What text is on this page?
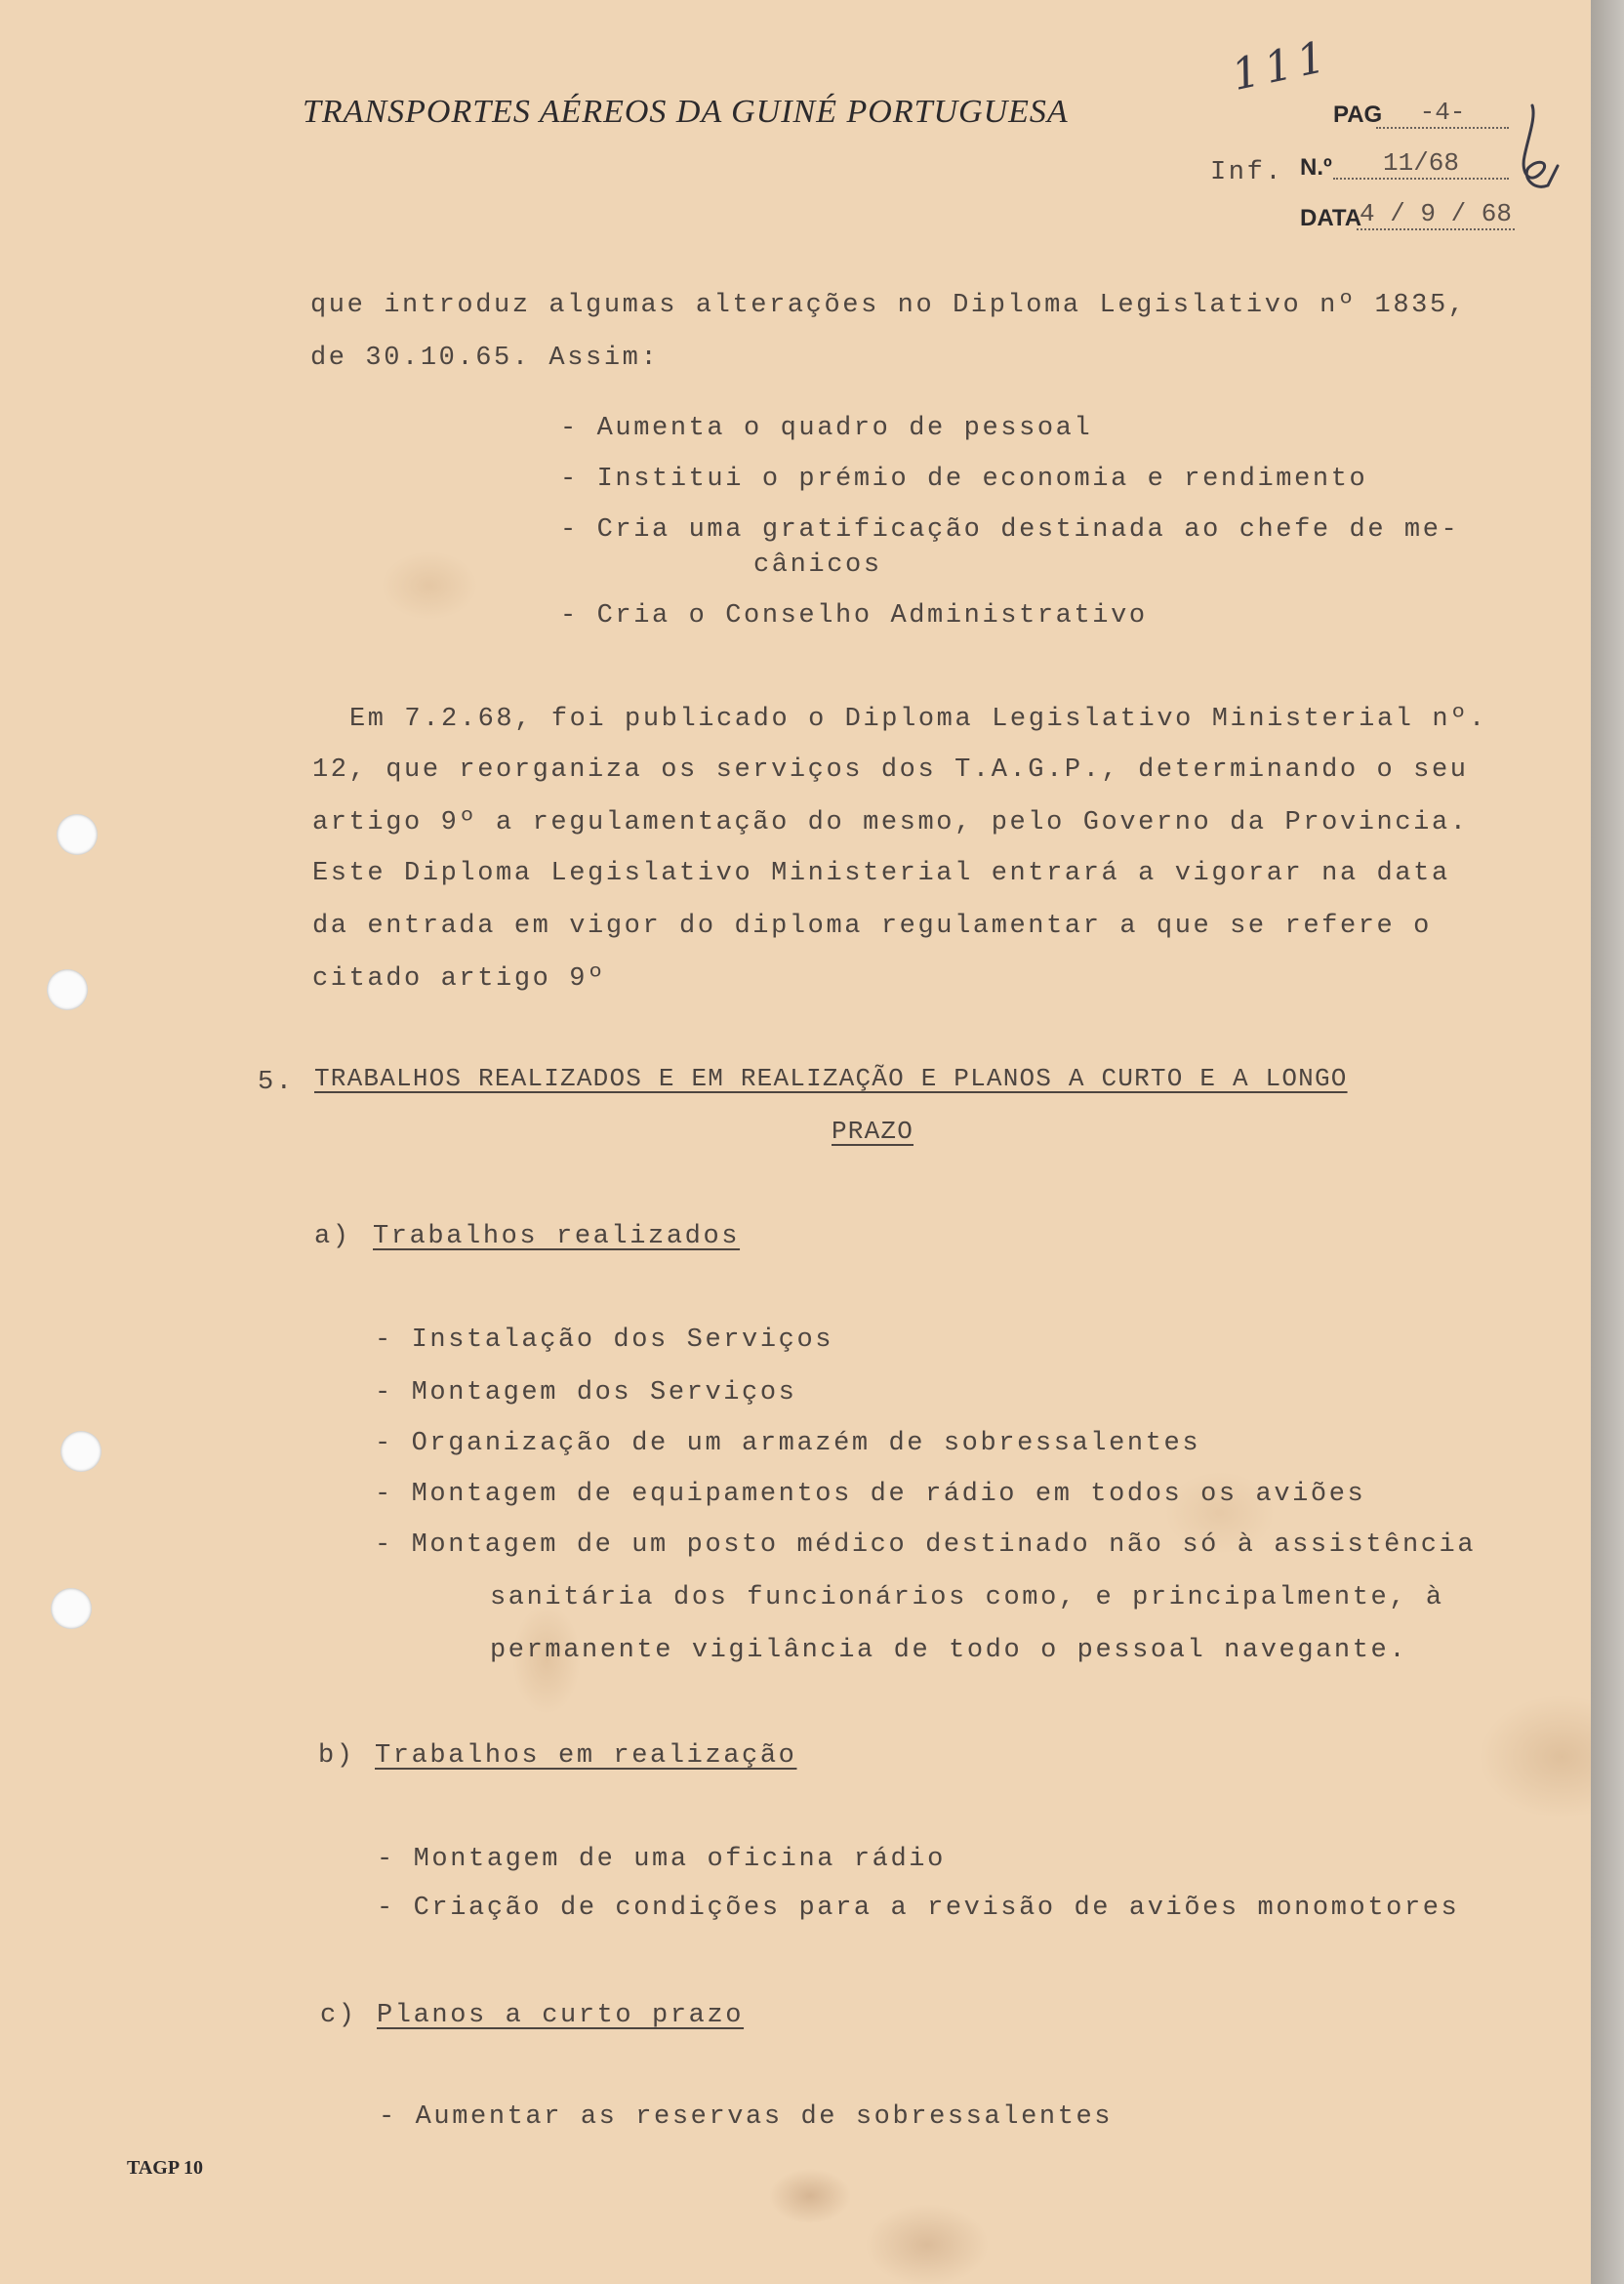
TRANSPORTES AÉREOS DA GUINÉ PORTUGUESA
111
PAG	-4-
Inf. N.º	11/68
DATA
4 / 9 / 68
que introduz algumas alterações no Diploma Legislativo nº 1835,
de 30.10.65. Assim:
- Aumenta o quadro de pessoal
- Institui o prémio de economia e rendimento
- Cria uma gratificação destinada ao chefe de me-
cânicos
- Cria o Conselho Administrativo
Em 7.2.68, foi publicado o Diploma Legislativo Ministerial nº.
12, que reorganiza os serviços dos T.A.G.P., determinando o seu
artigo 9º a regulamentação do mesmo, pelo Governo da Provincia.
Este Diploma Legislativo Ministerial entrará a vigorar na data
da entrada em vigor do diploma regulamentar a que se refere o
citado artigo 9º
5. TRABALHOS REALIZADOS E EM REALIZAÇÃO E PLANOS A CURTO E A LONGO
PRAZO
a) Trabalhos realizados
- Instalação dos Serviços
- Montagem dos Serviços
- Organização de um armazém de sobressalentes
- Montagem de equipamentos de rádio em todos os aviões
- Montagem de um posto médico destinado não só à assistência
sanitária dos funcionários como, e principalmente, à
permanente vigilância de todo o pessoal navegante.
b) Trabalhos em realização
- Montagem de uma oficina rádio
- Criação de condições para a revisão de aviões monomotores
c) Planos a curto prazo
- Aumentar as reservas de sobressalentes
TAGP 10
